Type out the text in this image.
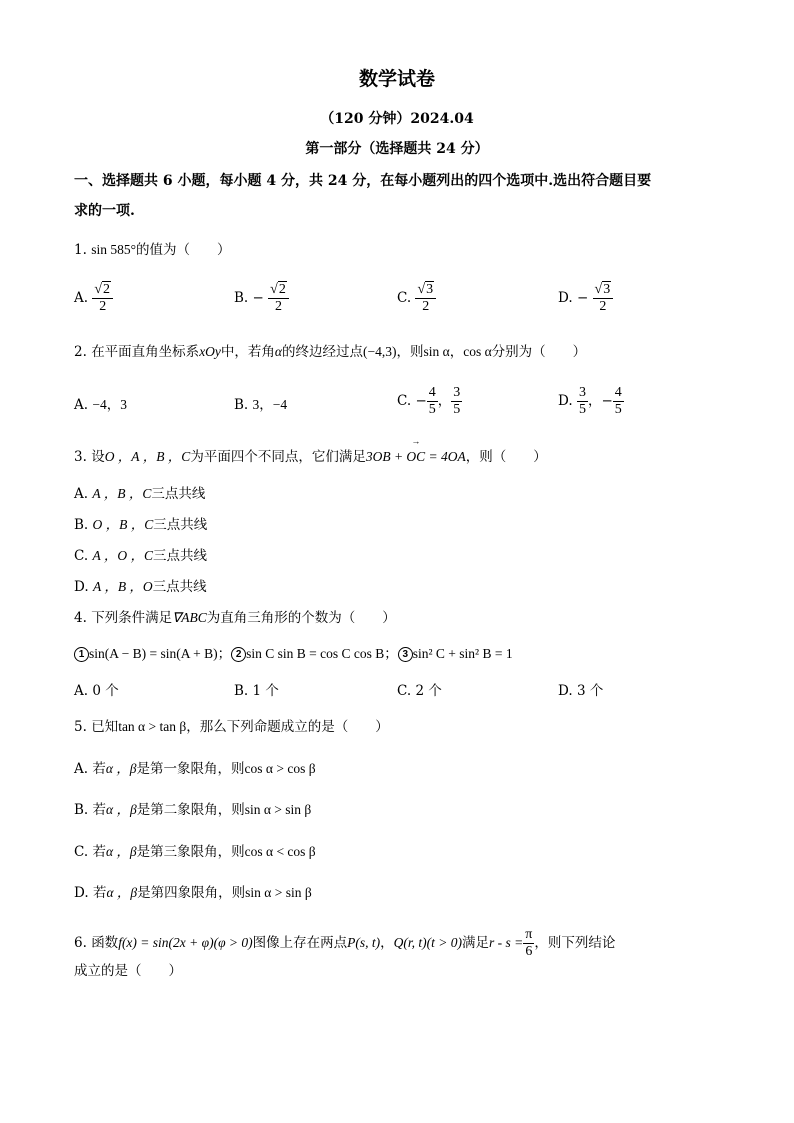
数学试卷
（120 分钟）2024.04
第一部分（选择题共 24 分）
一、选择题共 6 小题，每小题 4 分，共 24 分，在每小题列出的四个选项中.选出符合题目要
求的一项.
1. sin 585°的值为（　　）
A. $\frac{√2}{2}$	B. − $\frac{√2}{2}$	C. $\frac{√3}{2}$	D. − $\frac{√3}{2}$
2. 在平面直角坐标系xOy中，若角α的终边经过点(−4,3)，则sin α，cos α分别为（　　）
A. −4，3	B. 3，−4	C. − $\frac{4}{5}$ ， $\frac{3}{5}$	D. $\frac{3}{5}$ ，− $\frac{4}{5}$
3. 设O ，A ，B ，C为平面四个不同点，它们满足→ 3OB + OC = 4OA，则（　　）
A. A ，B ，C三点共线
B. O ，B ，C三点共线
C. A ，O ，C三点共线
D. A ，B ，O三点共线
4. 下列条件满足∇ABC为直角三角形的个数为（　　）
1 sin(A − B) = sin(A + B)； 2 sin C sin B = cos C cos B； 3 sin² C + sin² B = 1
A. 0 个	B. 1 个	C. 2 个	D. 3 个
5. 已知tan α > tan β，那么下列命题成立的是（　　）
A. 若α ，β是第一象限角，则cos α > cos β
B. 若α ，β是第二象限角，则sin α > sin β
C. 若α ，β是第三象限角，则cos α < cos β
D. 若α ，β是第四象限角，则sin α > sin β
6. 函数f(x) = sin(2x + φ)(φ > 0)图像上存在两点P(s, t)，Q(r, t)(t > 0)满足$r - s = \frac{\pi}{6}$ ，则下列结论
成立的是（　　）
